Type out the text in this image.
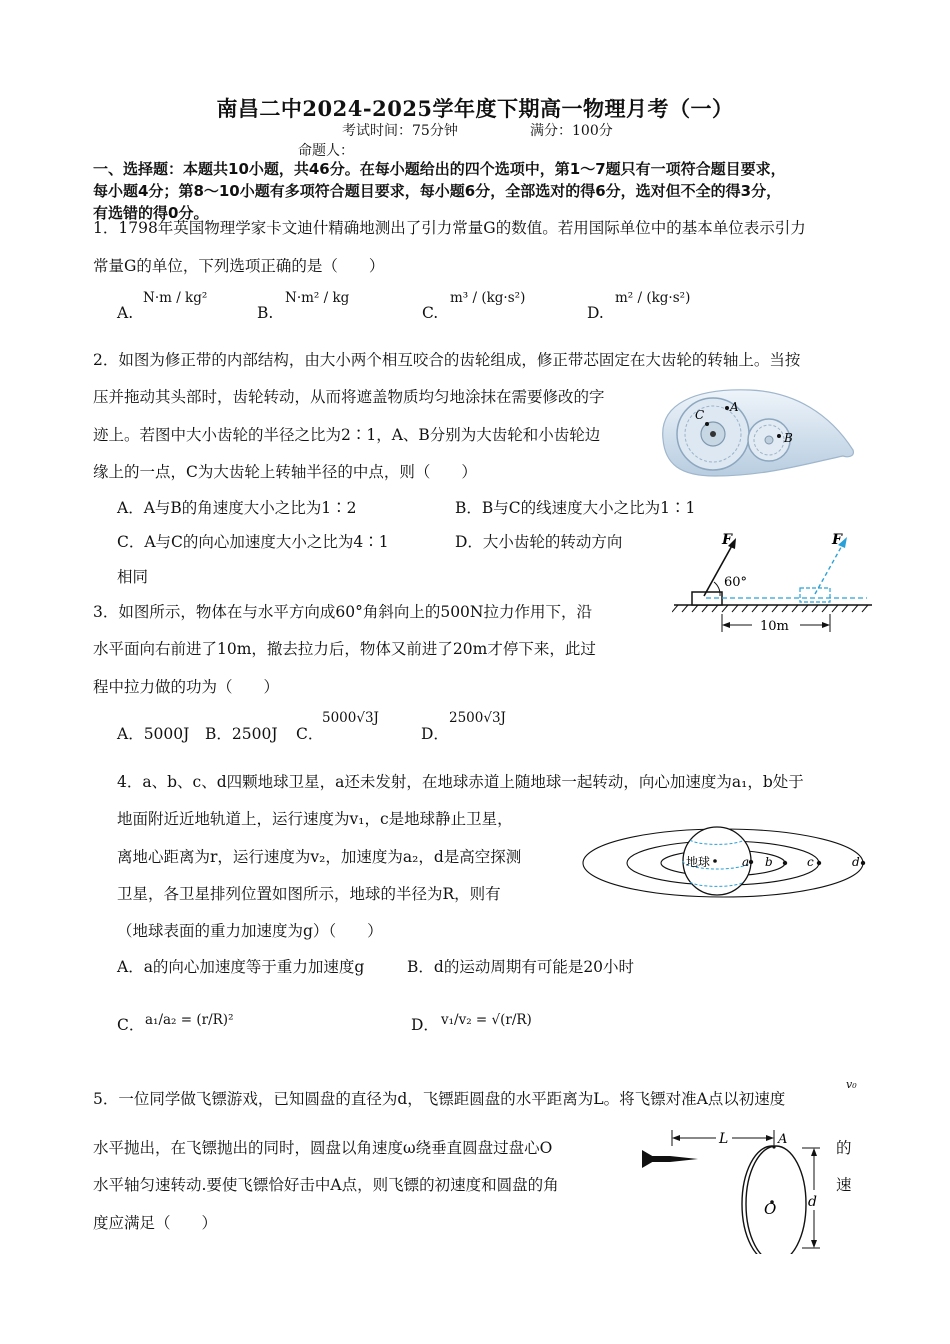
南昌二中2024-2025学年度下期高一物理月考（一）
考试时间：75分钟	满分：100分
命题人：
一、选择题：本题共10小题，共46分。在每小题给出的四个选项中，第1～7题只有一项符合题目要求，
每小题4分；第8～10小题有多项符合题目要求，每小题6分，全部选对的得6分，选对但不全的得3分，
有选错的得0分。
1．1798年英国物理学家卡文迪什精确地测出了引力常量G的数值。若用国际单位中的基本单位表示引力
常量G的单位，下列选项正确的是（　　）
A.
N·m / kg²
B.
N·m² / kg
C.
m³ / (kg·s²)
D.
m² / (kg·s²)
2．如图为修正带的内部结构，由大小两个相互咬合的齿轮组成，修正带芯固定在大齿轮的转轴上。当按
压并拖动其头部时，齿轮转动，从而将遮盖物质均匀地涂抹在需要修改的字
迹上。若图中大小齿轮的半径之比为2∶1，A、B分别为大齿轮和小齿轮边
缘上的一点，C为大齿轮上转轴半径的中点，则（　　）
A．A与B的角速度大小之比为1∶2	B．B与C的线速度大小之比为1∶1
C．A与C的向心加速度大小之比为4∶1	D．大小齿轮的转动方向
相同
A
B
C
3．如图所示，物体在与水平方向成60°角斜向上的500N拉力作用下，沿
水平面向右前进了10m，撤去拉力后，物体又前进了20m才停下来，此过
程中拉力做的功为（　　）
A．5000J B．2500J C．
5000√3J
D．
2500√3J
60°
F	F
10m
4．a、b、c、d四颗地球卫星，a还未发射，在地球赤道上随地球一起转动，向心加速度为a₁，b处于
地面附近近地轨道上，运行速度为v₁，c是地球静止卫星，
离地心距离为r，运行速度为v₂，加速度为a₂，d是高空探测
卫星，各卫星排列位置如图所示，地球的半径为R，则有
（地球表面的重力加速度为g）（　　）
A．a的向心加速度等于重力加速度g	B．d的运动周期有可能是20小时
C． a₁/a₂ = (r/R)²	D． v₁/v₂ = √(r/R)
地球	a b	c	d
5．一位同学做飞镖游戏，已知圆盘的直径为d，飞镖距圆盘的水平距离为L。将飞镖对准A点以初速度
v₀
水平抛出，在飞镖抛出的同时，圆盘以角速度ω绕垂直圆盘过盘心O
水平轴匀速转动.要使飞镖恰好击中A点，则飞镖的初速度和圆盘的角
度应满足（　　）
的
速
L	A
O d
